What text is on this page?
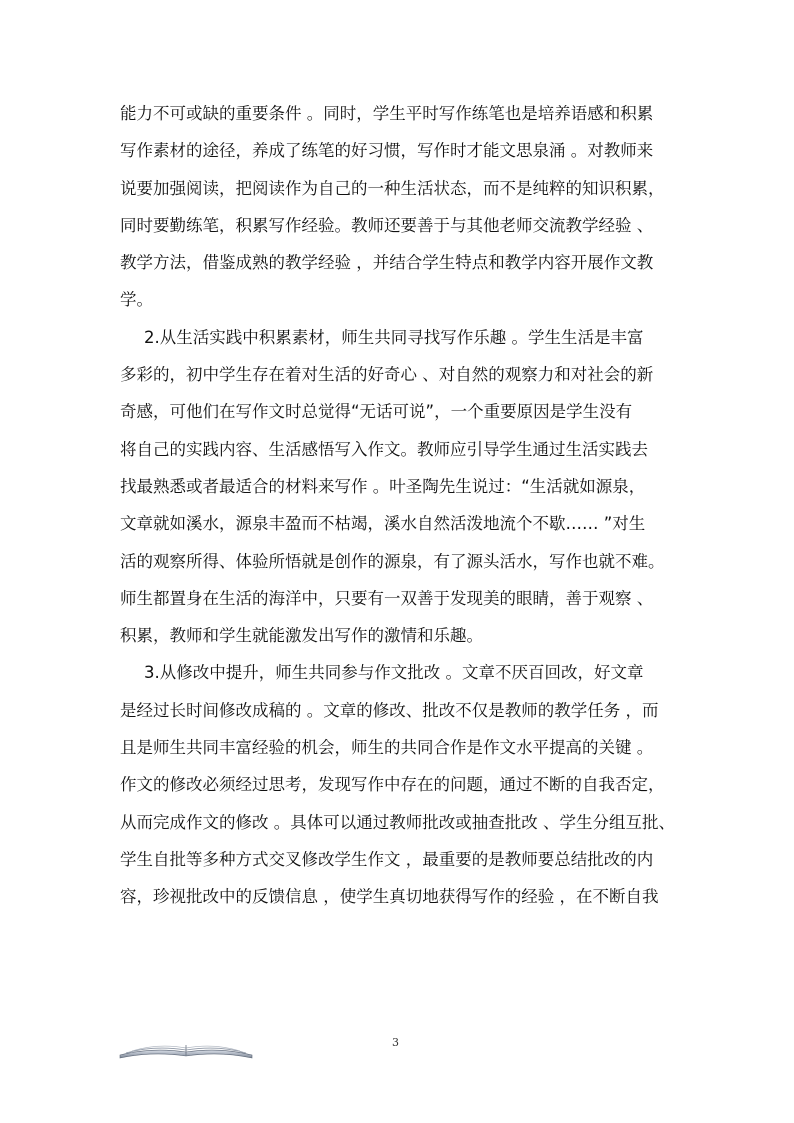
能力不可或缺的重要条件 。同时，学生平时写作练笔也是培养语感和积累
写作素材的途径，养成了练笔的好习惯，写作时才能文思泉涌 。对教师来
说要加强阅读，把阅读作为自己的一种生活状态，而不是纯粹的知识积累，
同时要勤练笔，积累写作经验。教师还要善于与其他老师交流教学经验 、
教学方法，借鉴成熟的教学经验 ，并结合学生特点和教学内容开展作文教
学。
2.从生活实践中积累素材，师生共同寻找写作乐趣 。学生生活是丰富
多彩的，初中学生存在着对生活的好奇心 、对自然的观察力和对社会的新
奇感，可他们在写作文时总觉得“无话可说”，一个重要原因是学生没有
将自己的实践内容、生活感悟写入作文。教师应引导学生通过生活实践去
找最熟悉或者最适合的材料来写作 。叶圣陶先生说过：“生活就如源泉，
文章就如溪水，源泉丰盈而不枯竭，溪水自然活泼地流个不歇…… ”对生
活的观察所得、体验所悟就是创作的源泉，有了源头活水，写作也就不难。
师生都置身在生活的海洋中，只要有一双善于发现美的眼睛，善于观察 、
积累，教师和学生就能激发出写作的激情和乐趣。
3.从修改中提升，师生共同参与作文批改 。文章不厌百回改，好文章
是经过长时间修改成稿的 。文章的修改、批改不仅是教师的教学任务 ，而
且是师生共同丰富经验的机会，师生的共同合作是作文水平提高的关键 。
作文的修改必须经过思考，发现写作中存在的问题，通过不断的自我否定，
从而完成作文的修改 。具体可以通过教师批改或抽查批改 、学生分组互批、
学生自批等多种方式交叉修改学生作文 ，最重要的是教师要总结批改的内
容，珍视批改中的反馈信息 ，使学生真切地获得写作的经验 ，在不断自我
3
